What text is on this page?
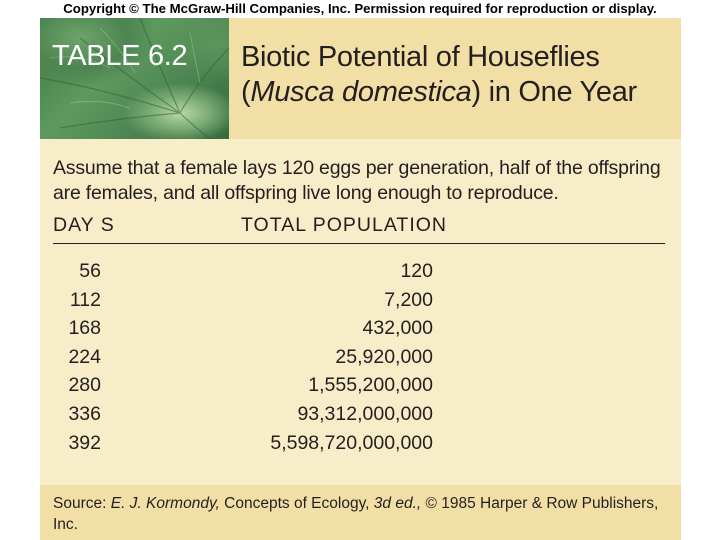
Copyright © The McGraw-Hill Companies, Inc. Permission required for reproduction or display.
TABLE 6.2 Biotic Potential of Houseflies
(Musca domestica) in One Year
Assume that a female lays 120 eggs per generation, half of the offspring are females, and all offspring live long enough to reproduce.
DAY S	TOTAL POPULATION
56	120
112	7,200
168	432,000
224	25,920,000
280	1,555,200,000
336	93,312,000,000
392	5,598,720,000,000
Source: E. J. Kormondy, Concepts of Ecology, 3d ed., © 1985 Harper & Row Publishers, Inc.
